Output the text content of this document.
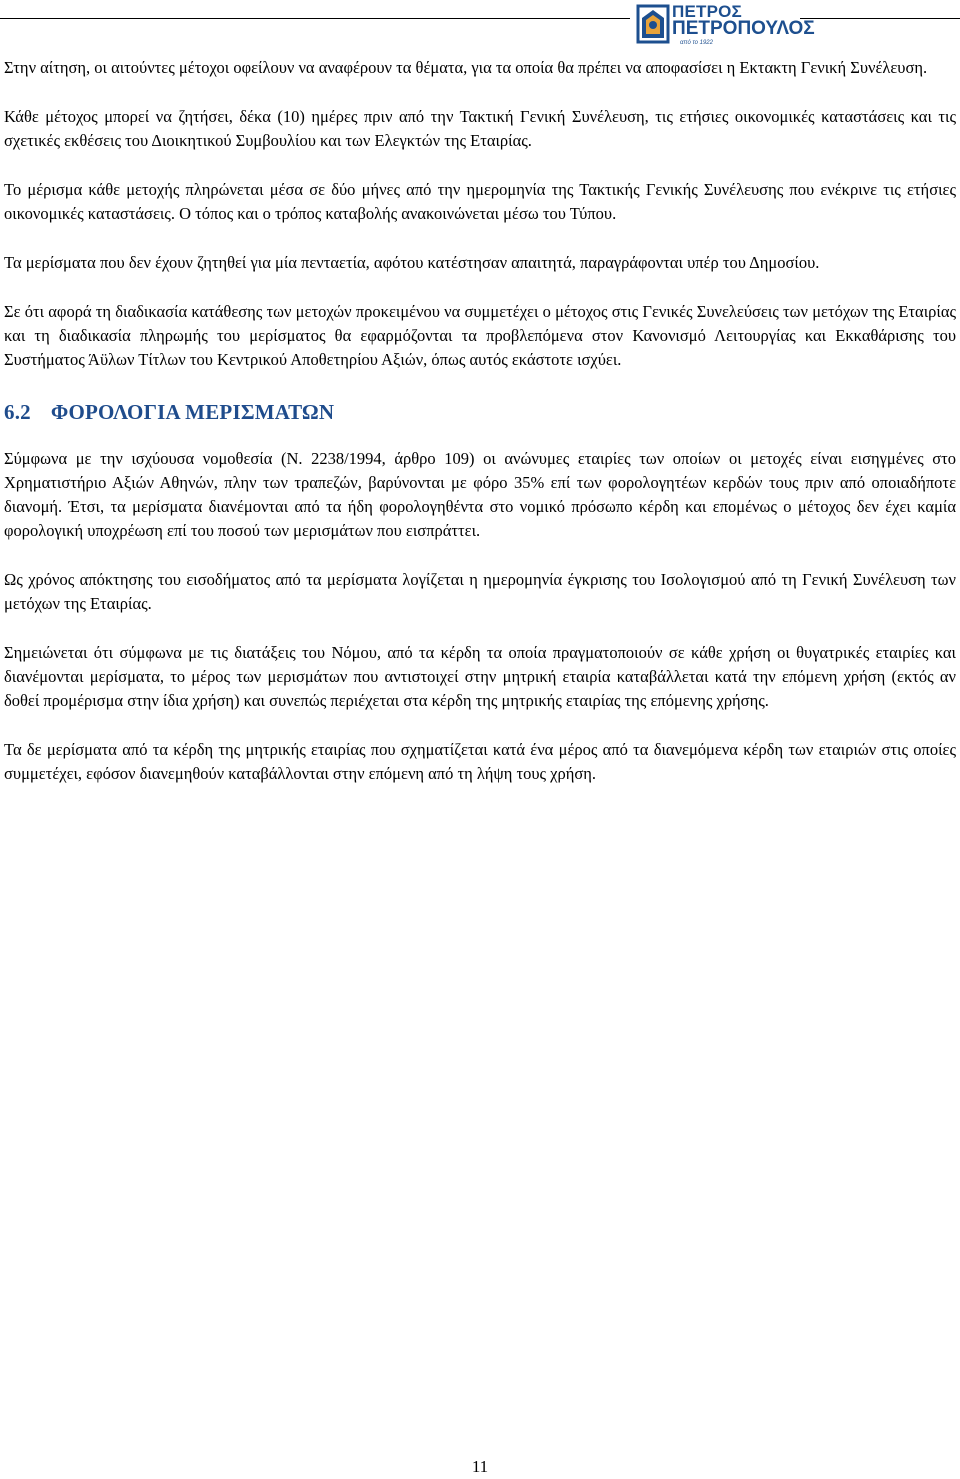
ΠΕΤΡΟΣ
ΠΕΤΡΟΠΟΥΛΟΣ
από το 1922

Στην αίτηση, οι αιτούντες μέτοχοι οφείλουν να αναφέρουν τα θέματα, για τα οποία θα πρέπει να αποφασίσει η Εκτακτη Γενική Συνέλευση.

Κάθε μέτοχος μπορεί να ζητήσει, δέκα (10) ημέρες πριν από την Τακτική Γενική Συνέλευση, τις ετήσιες οικονομικές καταστάσεις και τις σχετικές εκθέσεις του Διοικητικού Συμβουλίου και των Ελεγκτών της Εταιρίας.

Το μέρισμα κάθε μετοχής πληρώνεται μέσα σε δύο μήνες από την ημερομηνία της Τακτικής Γενικής Συνέλευσης που ενέκρινε τις ετήσιες οικονομικές καταστάσεις. Ο τόπος και ο τρόπος καταβολής ανακοινώνεται μέσω του Τύπου.

Τα μερίσματα που δεν έχουν ζητηθεί για μία πενταετία, αφότου κατέστησαν απαιτητά, παραγράφονται υπέρ του Δημοσίου.

Σε ότι αφορά τη διαδικασία κατάθεσης των μετοχών προκειμένου να συμμετέχει ο μέτοχος στις Γενικές Συνελεύσεις των μετόχων της Εταιρίας και τη διαδικασία πληρωμής του μερίσματος θα εφαρμόζονται τα προβλεπόμενα στον Κανονισμό Λειτουργίας και Εκκαθάρισης του Συστήματος Άϋλων Τίτλων του Κεντρικού Αποθετηρίου Αξιών, όπως αυτός εκάστοτε ισχύει.

6.2 ΦΟΡΟΛΟΓΙΑ ΜΕΡΙΣΜΑΤΩΝ

Σύμφωνα με την ισχύουσα νομοθεσία (Ν. 2238/1994, άρθρο 109) οι ανώνυμες εταιρίες των οποίων οι μετοχές είναι εισηγμένες στο Χρηματιστήριο Αξιών Αθηνών, πλην των τραπεζών, βαρύνονται με φόρο 35% επί των φορολογητέων κερδών τους πριν από οποιαδήποτε διανομή. Έτσι, τα μερίσματα διανέμονται από τα ήδη φορολογηθέντα στο νομικό πρόσωπο κέρδη και επομένως ο μέτοχος δεν έχει καμία φορολογική υποχρέωση επί του ποσού των μερισμάτων που εισπράττει.

Ως χρόνος απόκτησης του εισοδήματος από τα μερίσματα λογίζεται η ημερομηνία έγκρισης του Ισολογισμού από τη Γενική Συνέλευση των μετόχων της Εταιρίας.

Σημειώνεται ότι σύμφωνα με τις διατάξεις του Νόμου, από τα κέρδη τα οποία πραγματοποιούν σε κάθε χρήση οι θυγατρικές εταιρίες και διανέμονται μερίσματα, το μέρος των μερισμάτων που αντιστοιχεί στην μητρική εταιρία καταβάλλεται κατά την επόμενη χρήση (εκτός αν δοθεί προμέρισμα στην ίδια χρήση) και συνεπώς περιέχεται στα κέρδη της μητρικής εταιρίας της επόμενης χρήσης.

Τα δε μερίσματα από τα κέρδη της μητρικής εταιρίας που σχηματίζεται κατά ένα μέρος από τα διανεμόμενα κέρδη των εταιριών στις οποίες συμμετέχει, εφόσον διανεμηθούν καταβάλλονται στην επόμενη από τη λήψη τους χρήση.

11
